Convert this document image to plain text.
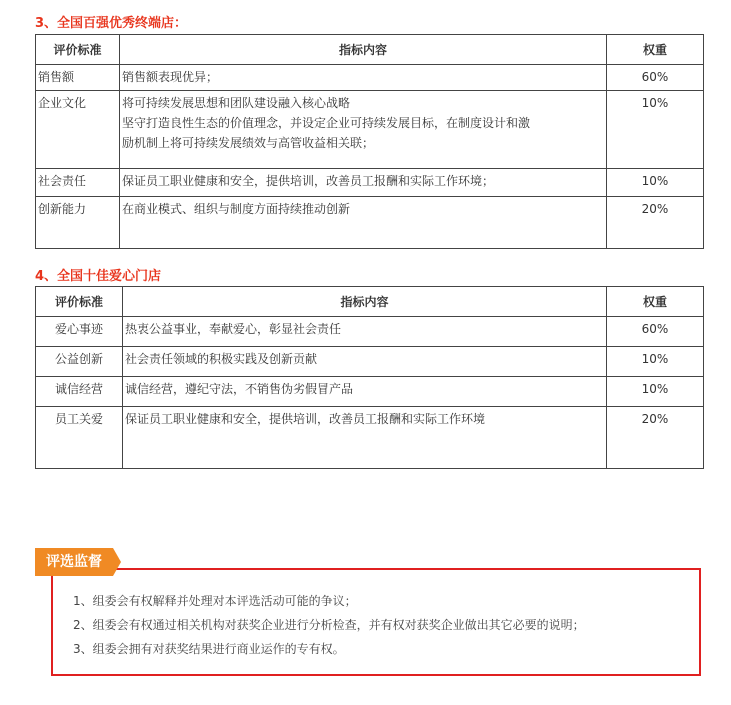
3、全国百强优秀终端店：
评价标准	指标内容	权重
销售额	销售额表现优异；	60%
企业文化	将可持续发展思想和团队建设融入核心战略
坚守打造良性生态的价值理念，并设定企业可持续发展目标，在制度设计和激
励机制上将可持续发展绩效与高管收益相关联；	10%
社会责任	保证员工职业健康和安全，提供培训，改善员工报酬和实际工作环境；	10%
创新能力	在商业模式、组织与制度方面持续推动创新	20%
4、全国十佳爱心门店
评价标准	指标内容	权重
爱心事迹	热衷公益事业，奉献爱心，彰显社会责任	60%
公益创新	社会责任领域的积极实践及创新贡献	10%
诚信经营	诚信经营，遵纪守法，不销售伪劣假冒产品	10%
员工关爱	保证员工职业健康和安全，提供培训，改善员工报酬和实际工作环境	20%
1、组委会有权解释并处理对本评选活动可能的争议；
2、组委会有权通过相关机构对获奖企业进行分析检查，并有权对获奖企业做出其它必要的说明；
3、组委会拥有对获奖结果进行商业运作的专有权。
评选监督
